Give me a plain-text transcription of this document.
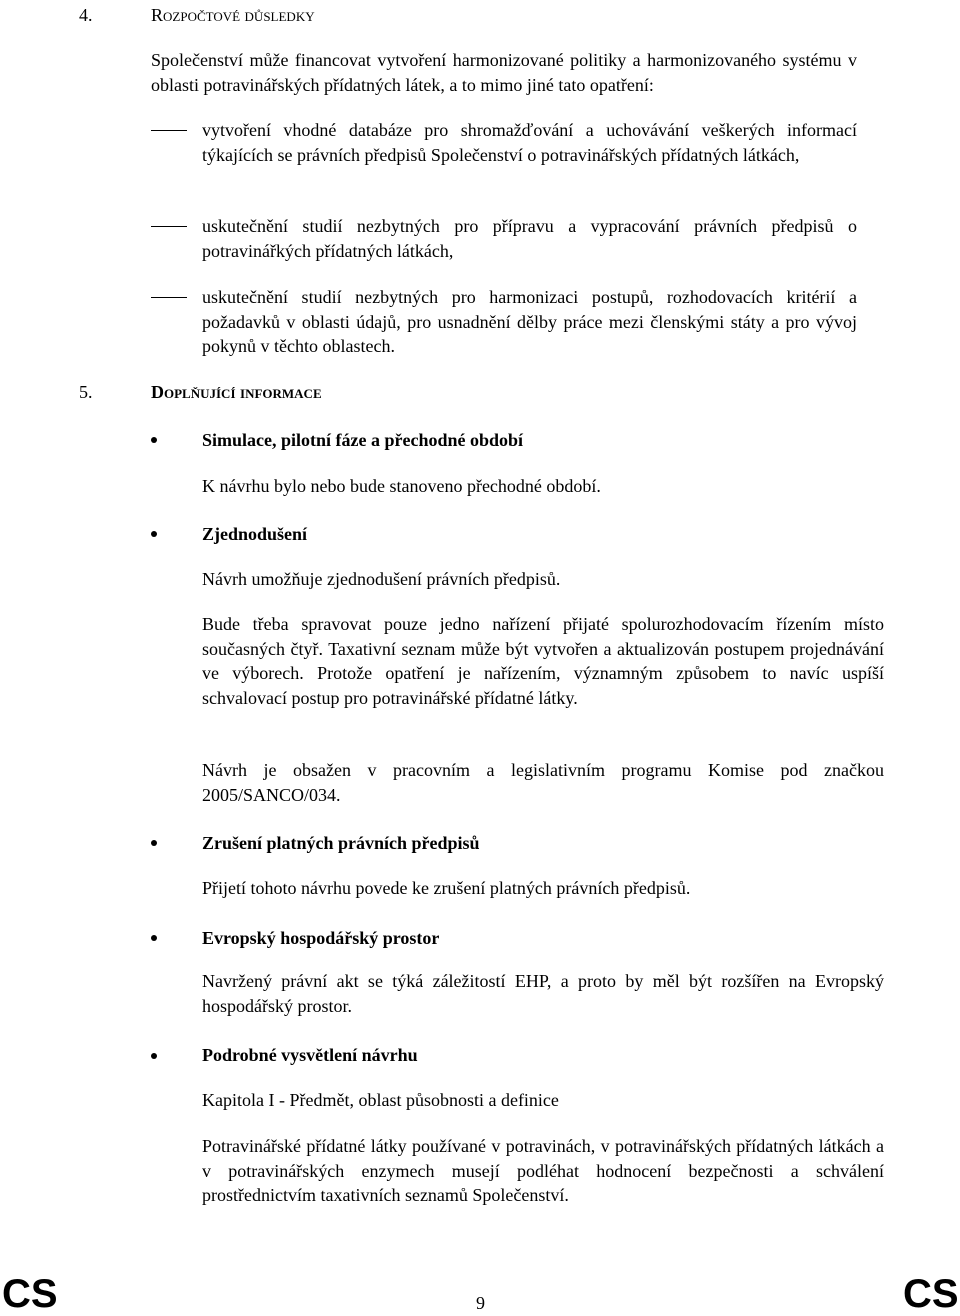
4.	Rozpočtové důsledky
Společenství může financovat vytvoření harmonizované politiky a harmonizovaného systému v oblasti potravinářských přídatných látek, a to mimo jiné tato opatření:
vytvoření vhodné databáze pro shromažďování a uchovávání veškerých informací týkajících se právních předpisů Společenství o potravinářských přídatných látkách,
uskutečnění studií nezbytných pro přípravu a vypracování právních předpisů o potravinářkých přídatných látkách,
uskutečnění studií nezbytných pro harmonizaci postupů, rozhodovacích kritérií a požadavků v oblasti údajů, pro usnadnění dělby práce mezi členskými státy a pro vývoj pokynů v těchto oblastech.
5.	Doplňující informace
Simulace, pilotní fáze a přechodné období
K návrhu bylo nebo bude stanoveno přechodné období.
Zjednodušení
Návrh umožňuje zjednodušení právních předpisů.
Bude třeba spravovat pouze jedno nařízení přijaté spolurozhodovacím řízením místo současných čtyř. Taxativní seznam může být vytvořen a aktualizován postupem projednávání ve výborech. Protože opatření je nařízením, významným způsobem to navíc uspíší schvalovací postup pro potravinářské přídatné látky.
Návrh je obsažen v pracovním a legislativním programu Komise pod značkou 2005/SANCO/034.
Zrušení platných právních předpisů
Přijetí tohoto návrhu povede ke zrušení platných právních předpisů.
Evropský hospodářský prostor
Navržený právní akt se týká záležitostí EHP, a proto by měl být rozšířen na Evropský hospodářský prostor.
Podrobné vysvětlení návrhu
Kapitola I - Předmět, oblast působnosti a definice
Potravinářské přídatné látky používané v potravinách, v potravinářských přídatných látkách a v potravinářských enzymech musejí podléhat hodnocení bezpečnosti a schválení prostřednictvím taxativních seznamů Společenství.
CS	9	CS
